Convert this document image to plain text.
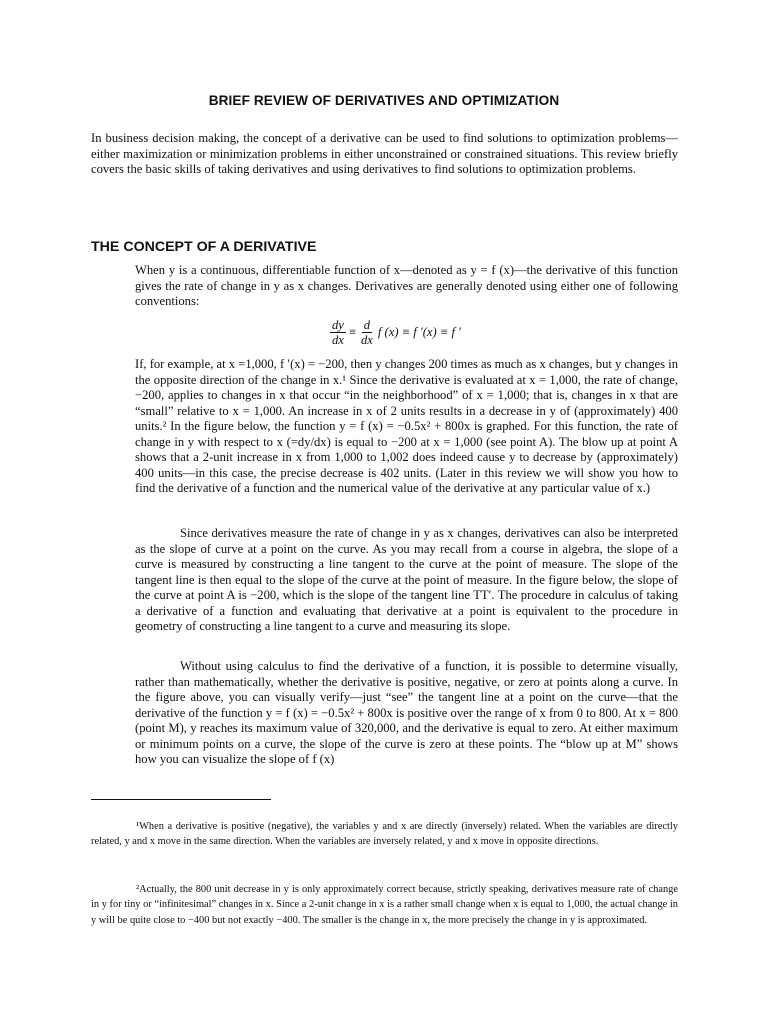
BRIEF REVIEW OF DERIVATIVES AND OPTIMIZATION
In business decision making, the concept of a derivative can be used to find solutions to optimization problems—either maximization or minimization problems in either unconstrained or constrained situations. This review briefly covers the basic skills of taking derivatives and using derivatives to find solutions to optimization problems.
THE CONCEPT OF A DERIVATIVE
When y is a continuous, differentiable function of x—denoted as y = f (x)—the derivative of this function gives the rate of change in y as x changes. Derivatives are generally denoted using either one of following conventions:
$\frac{dy}{dx} \equiv \frac{d}{dx}$ f (x) ≡ f ′(x) ≡ f ′
If, for example, at x =1,000, f ′(x) = −200, then y changes 200 times as much as x changes, but y changes in the opposite direction of the change in x.¹ Since the derivative is evaluated at x = 1,000, the rate of change, −200, applies to changes in x that occur “in the neighborhood” of x = 1,000; that is, changes in x that are “small” relative to x = 1,000. An increase in x of 2 units results in a decrease in y of (approximately) 400 units.² In the figure below, the function y = f (x) = −0.5x² + 800x is graphed. For this function, the rate of change in y with respect to x (=dy/dx) is equal to −200 at x = 1,000 (see point A). The blow up at point A shows that a 2-unit increase in x from 1,000 to 1,002 does indeed cause y to decrease by (approximately) 400 units—in this case, the precise decrease is 402 units. (Later in this review we will show you how to find the derivative of a function and the numerical value of the derivative at any particular value of x.)
Since derivatives measure the rate of change in y as x changes, derivatives can also be interpreted as the slope of curve at a point on the curve. As you may recall from a course in algebra, the slope of a curve is measured by constructing a line tangent to the curve at the point of measure. The slope of the tangent line is then equal to the slope of the curve at the point of measure. In the figure below, the slope of the curve at point A is −200, which is the slope of the tangent line TT′. The procedure in calculus of taking a derivative of a function and evaluating that derivative at a point is equivalent to the procedure in geometry of constructing a line tangent to a curve and measuring its slope.
Without using calculus to find the derivative of a function, it is possible to determine visually, rather than mathematically, whether the derivative is positive, negative, or zero at points along a curve. In the figure above, you can visually verify—just “see” the tangent line at a point on the curve—that the derivative of the function y = f (x) = −0.5x² + 800x is positive over the range of x from 0 to 800. At x = 800 (point M), y reaches its maximum value of 320,000, and the derivative is equal to zero. At either maximum or minimum points on a curve, the slope of the curve is zero at these points. The “blow up at M” shows how you can visualize the slope of f (x)
¹When a derivative is positive (negative), the variables y and x are directly (inversely) related. When the variables are directly related, y and x move in the same direction. When the variables are inversely related, y and x move in opposite directions.
²Actually, the 800 unit decrease in y is only approximately correct because, strictly speaking, derivatives measure rate of change in y for tiny or “infinitesimal” changes in x. Since a 2-unit change in x is a rather small change when x is equal to 1,000, the actual change in y will be quite close to −400 but not exactly −400. The smaller is the change in x, the more precisely the change in y is approximated.
